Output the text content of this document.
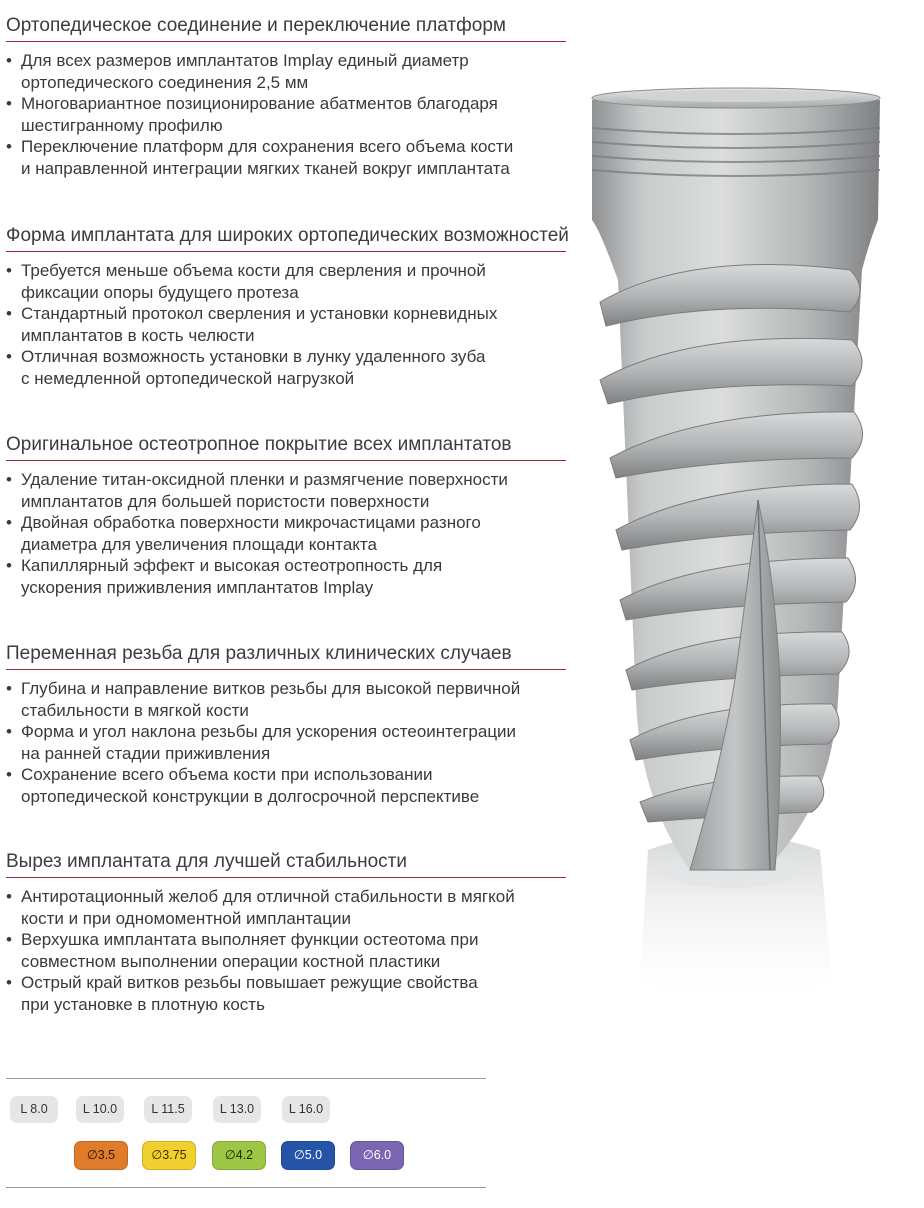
Ортопедическое соединение и переключение платформ
• Для всех размеров имплантатов Implay единый диаметр
ортопедического соединения 2,5 мм
• Многовариантное позиционирование абатментов благодаря
шестигранному профилю
• Переключение платформ для сохранения всего объема кости
и направленной интеграции мягких тканей вокруг имплантата
Форма имплантата для широких ортопедических возможностей
• Требуется меньше объема кости для сверления и прочной
фиксации опоры будущего протеза
• Стандартный протокол сверления и установки корневидных
имплантатов в кость челюсти
• Отличная возможность установки в лунку удаленного зуба
с немедленной ортопедической нагрузкой
Оригинальное остеотропное покрытие всех имплантатов
• Удаление титан-оксидной пленки и размягчение поверхности
имплантатов для большей пористости поверхности
• Двойная обработка поверхности микрочастицами разного
диаметра для увеличения площади контакта
• Капиллярный эффект и высокая остеотропность для
ускорения приживления имплантатов Implay
Переменная резьба для различных клинических случаев
• Глубина и направление витков резьбы для высокой первичной
стабильности в мягкой кости
• Форма и угол наклона резьбы для ускорения остеоинтеграции
на ранней стадии приживления
• Сохранение всего объема кости при использовании
ортопедической конструкции в долгосрочной перспективе
Вырез имплантата для лучшей стабильности
• Антиротационный желоб для отличной стабильности в мягкой
кости и при одномоментной имплантации
• Верхушка имплантата выполняет функции остеотома при
совместном выполнении операции костной пластики
• Острый край витков резьбы повышает режущие свойства
при установке в плотную кость
L 8.0	L 10.0	L 11.5	L 13.0	L 16.0
∅3.5	∅3.75	∅4.2	∅5.0	∅6.0
